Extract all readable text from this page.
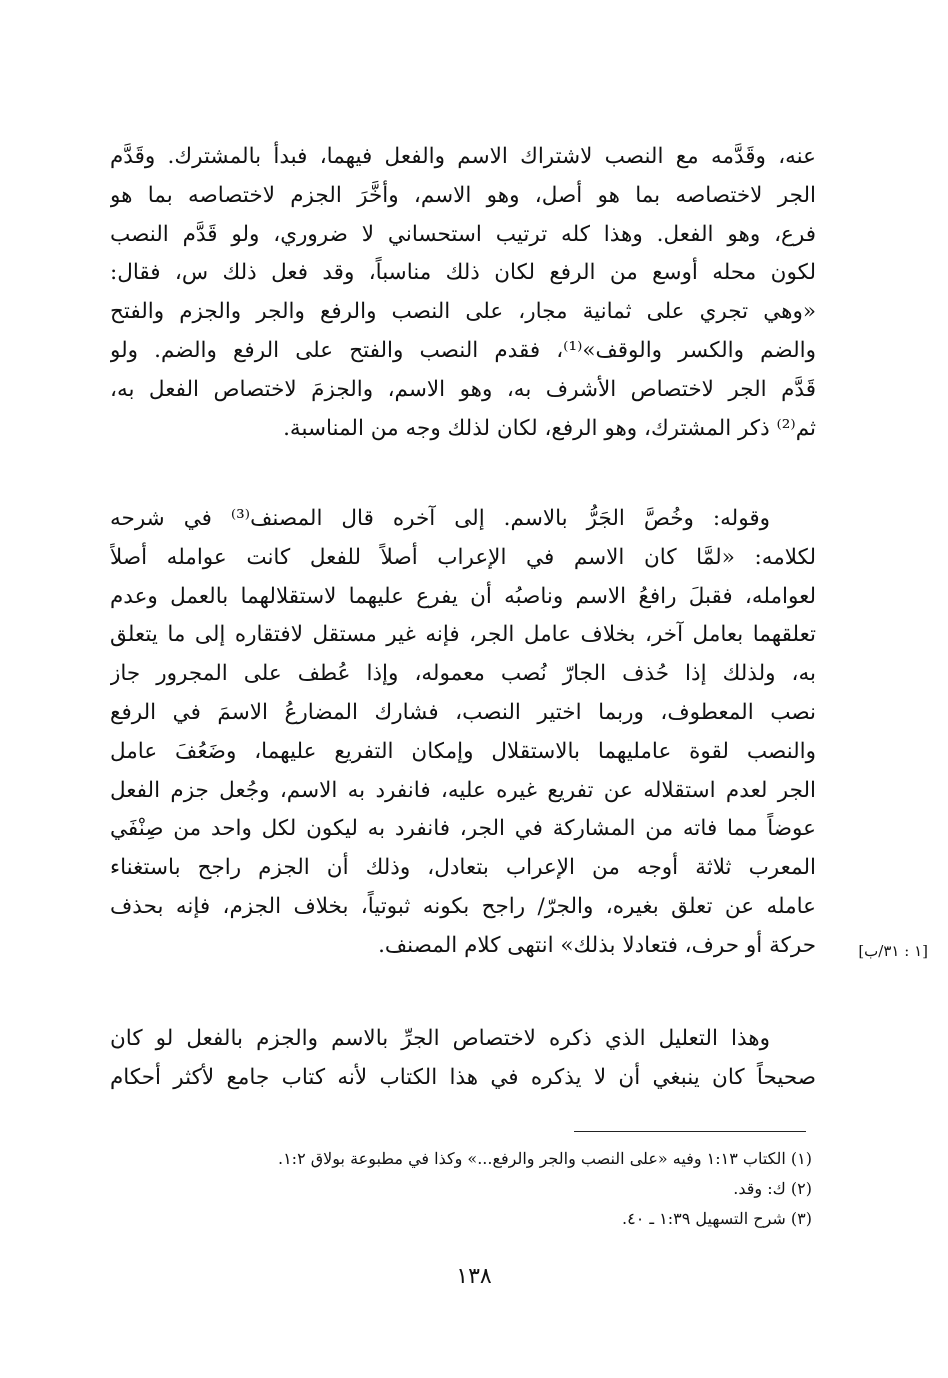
عنه، وقَدَّمه مع النصب لاشتراك الاسم والفعل فيهما، فبدأ بالمشترك. وقَدَّم
الجر لاختصاصه بما هو أصل، وهو الاسم، وأخَّرَ الجزم لاختصاصه بما هو
فرع، وهو الفعل. وهذا كله ترتيب استحساني لا ضروري، ولو قَدَّم النصب
لكون محله أوسع من الرفع لكان ذلك مناسباً، وقد فعل ذلك س، فقال:
«وهي تجري على ثمانية مجار، على النصب والرفع والجر والجزم والفتح
والضم والكسر والوقف»⁽¹⁾، فقدم النصب والفتح على الرفع والضم. ولو
قَدَّم الجر لاختصاص الأشرف به، وهو الاسم، والجزمَ لاختصاص الفعل به،
ثم⁽²⁾ ذكر المشترك، وهو الرفع، لكان لذلك وجه من المناسبة.
وقوله: وخُصَّ الجَرُّ بالاسم. إلى آخره قال المصنف⁽³⁾ في شرحه
لكلامه: «لمَّا كان الاسم في الإعراب أصلاً للفعل كانت عوامله أصلاً
لعوامله، فقبلَ رافعُ الاسم وناصبُه أن يفرع عليهما لاستقلالهما بالعمل وعدم
تعلقهما بعامل آخر، بخلاف عامل الجر، فإنه غير مستقل لافتقاره إلى ما يتعلق
به، ولذلك إذا حُذف الجارّ نُصب معموله، وإذا عُطف على المجرور جاز
نصب المعطوف، وربما اختير النصب، فشارك المضارعُ الاسمَ في الرفع
والنصب لقوة عامليهما بالاستقلال وإمكان التفريع عليهما، وضَعُفَ عامل
الجر لعدم استقلاله عن تفريع غيره عليه، فانفرد به الاسم، وجُعل جزم الفعل
عوضاً مما فاته من المشاركة في الجر، فانفرد به ليكون لكل واحد من صِنْفَي
المعرب ثلاثة أوجه من الإعراب بتعادل، وذلك أن الجزم راجح باستغناء
عامله عن تعلق بغيره، والجرّ/ راجح بكونه ثبوتياً، بخلاف الجزم، فإنه بحذف
حركة أو حرف، فتعادلا بذلك» انتهى كلام المصنف.	[١ : ٣١/ب]
وهذا التعليل الذي ذكره لاختصاص الجرِّ بالاسم والجزم بالفعل لو كان
صحيحاً كان ينبغي أن لا يذكره في هذا الكتاب لأنه كتاب جامع لأكثر أحكام
(١) الكتاب ١:١٣ وفيه «على النصب والجر والرفع...» وكذا في مطبوعة بولاق ١:٢.
(٢) ك: وقد.
(٣) شرح التسهيل ١:٣٩ ـ ٤٠.
١٣٨
